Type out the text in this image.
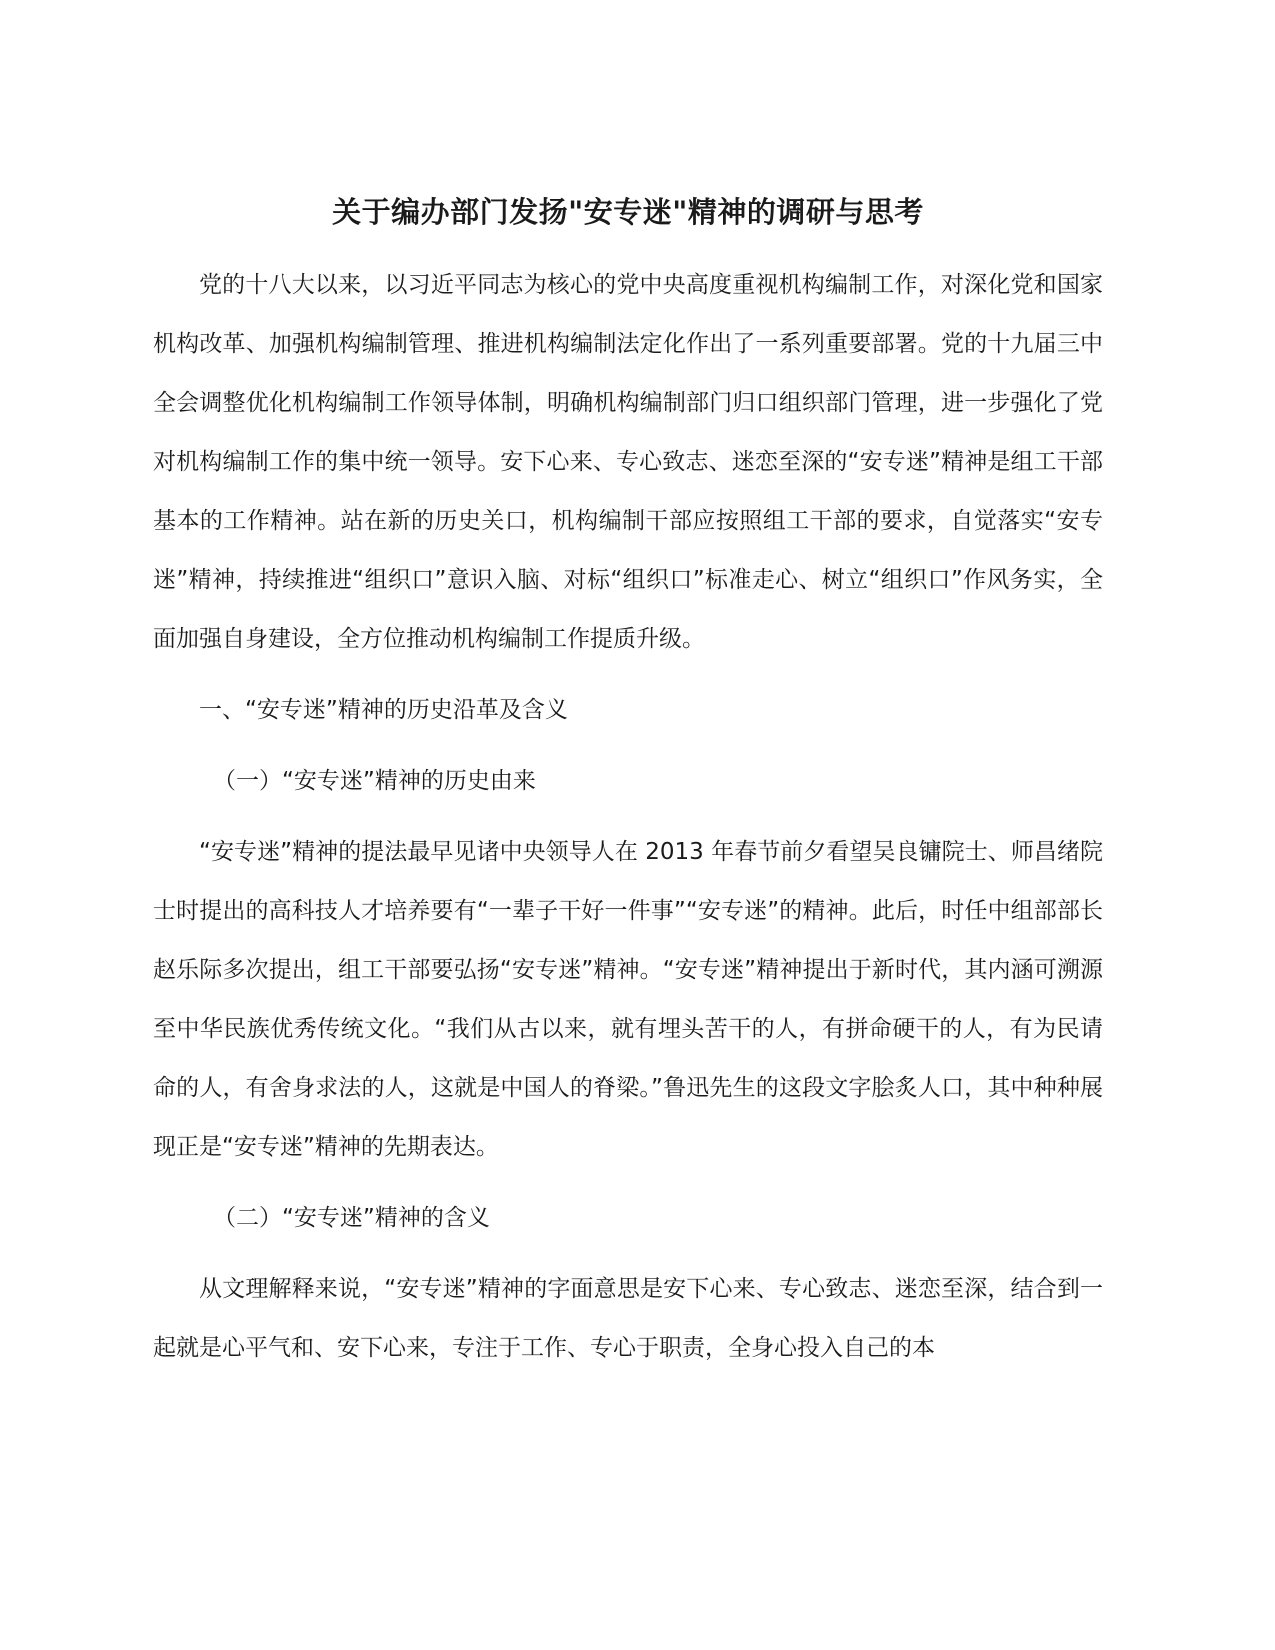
关于编办部门发扬"安专迷"精神的调研与思考

党的十八大以来，以习近平同志为核心的党中央高度重视机构编制工作，对深化党和国家机构改革、加强机构编制管理、推进机构编制法定化作出了一系列重要部署。党的十九届三中全会调整优化机构编制工作领导体制，明确机构编制部门归口组织部门管理，进一步强化了党对机构编制工作的集中统一领导。安下心来、专心致志、迷恋至深的“安专迷”精神是组工干部基本的工作精神。站在新的历史关口，机构编制干部应按照组工干部的要求，自觉落实“安专迷”精神，持续推进“组织口”意识入脑、对标“组织口”标准走心、树立“组织口”作风务实，全面加强自身建设，全方位推动机构编制工作提质升级。

一、“安专迷”精神的历史沿革及含义

（一）“安专迷”精神的历史由来

“安专迷”精神的提法最早见诸中央领导人在 2013 年春节前夕看望吴良镛院士、师昌绪院士时提出的高科技人才培养要有“一辈子干好一件事”“安专迷”的精神。此后，时任中组部部长赵乐际多次提出，组工干部要弘扬“安专迷”精神。“安专迷”精神提出于新时代，其内涵可溯源至中华民族优秀传统文化。“我们从古以来，就有埋头苦干的人，有拼命硬干的人，有为民请命的人，有舍身求法的人，这就是中国人的脊梁。”鲁迅先生的这段文字脍炙人口，其中种种展现正是“安专迷”精神的先期表达。

（二）“安专迷”精神的含义

从文理解释来说，“安专迷”精神的字面意思是安下心来、专心致志、迷恋至深，结合到一起就是心平气和、安下心来，专注于工作、专心于职责，全身心投入自己的本
